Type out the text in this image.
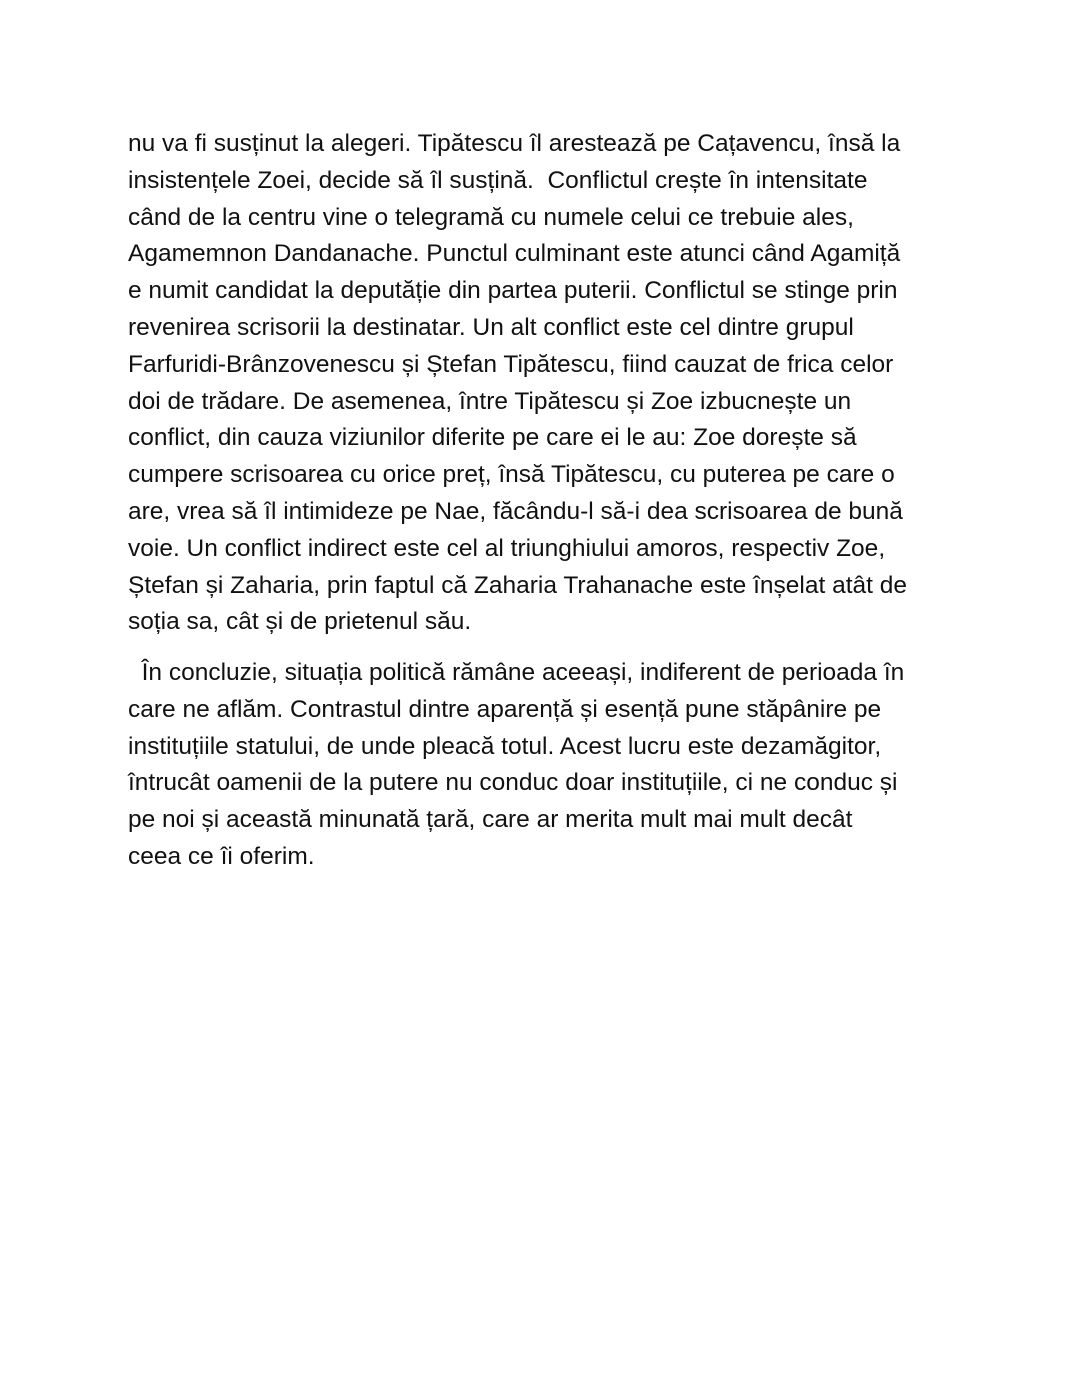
nu va fi susținut la alegeri. Tipătescu îl arestează pe Cațavencu, însă la
insistențele Zoei, decide să îl susțină.  Conflictul crește în intensitate
când de la centru vine o telegramă cu numele celui ce trebuie ales,
Agamemnon Dandanache. Punctul culminant este atunci când Agamiță
e numit candidat la deputăție din partea puterii. Conflictul se stinge prin
revenirea scrisorii la destinatar. Un alt conflict este cel dintre grupul
Farfuridi-Brânzovenescu și Ștefan Tipătescu, fiind cauzat de frica celor
doi de trădare. De asemenea, între Tipătescu și Zoe izbucnește un
conflict, din cauza viziunilor diferite pe care ei le au: Zoe dorește să
cumpere scrisoarea cu orice preț, însă Tipătescu, cu puterea pe care o
are, vrea să îl intimideze pe Nae, făcându-l să-i dea scrisoarea de bună
voie. Un conflict indirect este cel al triunghiului amoros, respectiv Zoe,
Ștefan și Zaharia, prin faptul că Zaharia Trahanache este înșelat atât de
soția sa, cât și de prietenul său.
În concluzie, situația politică rămâne aceeași, indiferent de perioada în
care ne aflăm. Contrastul dintre aparență și esență pune stăpânire pe
instituțiile statului, de unde pleacă totul. Acest lucru este dezamăgitor,
întrucât oamenii de la putere nu conduc doar instituțiile, ci ne conduc și
pe noi și această minunată țară, care ar merita mult mai mult decât
ceea ce îi oferim.
